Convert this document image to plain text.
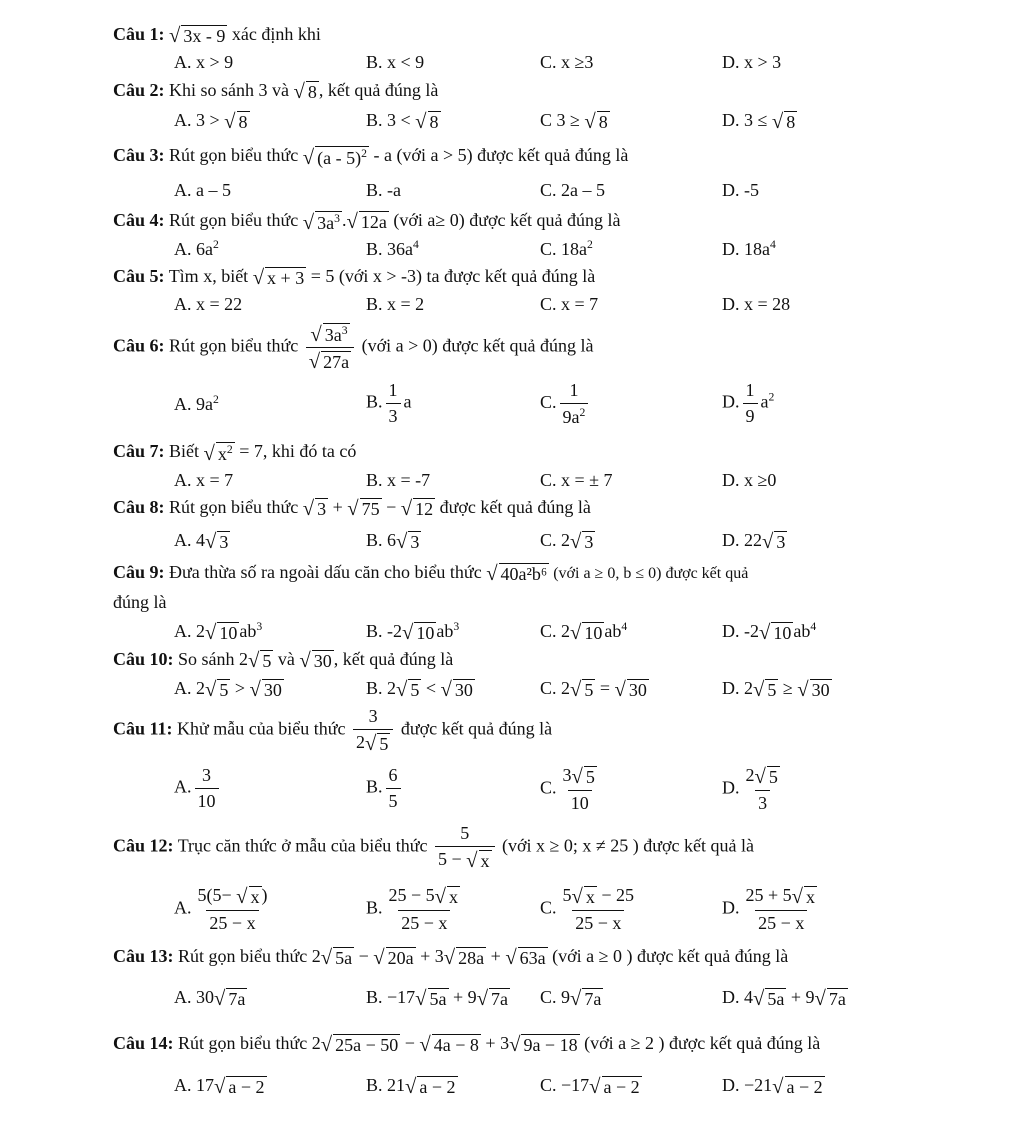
Câu 1: √ 3x - 9 xác định khi
A. x > 9	B. x < 9	C. x ≥3	D. x > 3
Câu 2: Khi so sánh 3 và √ 8 , kết quả đúng là
A. 3 > √ 8	B. 3 < √ 8	C 3 ≥ √ 8	D. 3 ≤ √ 8
Câu 3: Rút gọn biểu thức √ (a - 5)$^2$ - a (với a > 5) được kết quả đúng là
A. a – 5	B. -a	C. 2a – 5	D. -5
Câu 4: Rút gọn biểu thức √ $3a^3$ . √ 12a (với a≥ 0) được kết quả đúng là
A. $6a^2$	B. $36a^4$	C. $18a^2$	D. $18a^4$
Câu 5: Tìm x, biết √ x + 3 = 5 (với x > -3) ta được kết quả đúng là
A. x = 22	B. x = 2	C. x = 7	D. x = 28
Câu 6: Rút gọn biểu thức $\frac{√ 3a^3}{√ 27a}$ (với a > 0) được kết quả đúng là
A. $9a^2$	B. $\frac{1}{3}$ a	C. $\frac{1}{9a^2}$	D. $\frac{1}{9} a^2$
Câu 7: Biết √ $x^2 = 7$, khi đó ta có
A. x = 7	B. x = -7	C. x = ± 7	D. x ≥0
Câu 8: Rút gọn biểu thức √ 3 + √ 75 − √ 12 được kết quả đúng là
A. 4 √ 3	B. 6 √ 3	C. 2 √ 3	D. 22 √ 3
Câu 9: Đưa thừa số ra ngoài dấu căn cho biểu thức √ 40a²b⁶ (với a ≥ 0, b ≤ 0) được kết quả
đúng là
A. 2 √ 10 $ab^3$	B. -2 √ 10 $ab^3$	C. 2 √ 10 $ab^4$	D. -2 √ 10 $ab^4$
Câu 10: So sánh 2 √ 5 và √ 30 , kết quả đúng là
A. 2 √ 5 > √ 30	B. 2 √ 5 < √ 30	C. 2 √ 5 = √ 30	D. 2 √ 5 ≥ √ 30
Câu 11: Khử mẫu của biểu thức $\frac{3}{2 √ 5}$ được kết quả đúng là
A. $\frac{3}{10}$	B. $\frac{6}{5}$	C. $\frac{3 √ 5}{10}$	D. $\frac{2 √ 5}{3}$
Câu 12: Trục căn thức ở mẫu của biểu thức $\frac{5}{5 - √ x}$ (với x ≥ 0; x ≠ 25 ) được kết quả là
A. $\frac{5(5- √ x )}{25 - x}$	B. $\frac{25 - 5 √ x}{25 - x}$	C. $\frac{5 √ x - 25}{25 - x}$	D. $\frac{25 + 5 √ x}{25 - x}$
Câu 13: Rút gọn biểu thức 2 √ 5a − √ 20a + 3 √ 28a + √ 63a (với a ≥ 0 ) được kết quả đúng là
A. 30 √ 7a	B. −17 √ 5a + 9 √ 7a C. 9 √ 7a	D. 4 √ 5a + 9 √ 7a
Câu 14: Rút gọn biểu thức 2 √ 25a − 50 − √ 4a − 8 + 3 √ 9a − 18 (với a ≥ 2 ) được kết quả đúng là
A. 17 √ a − 2	B. 21 √ a − 2	C. −17 √ a − 2	D. −21 √ a − 2
